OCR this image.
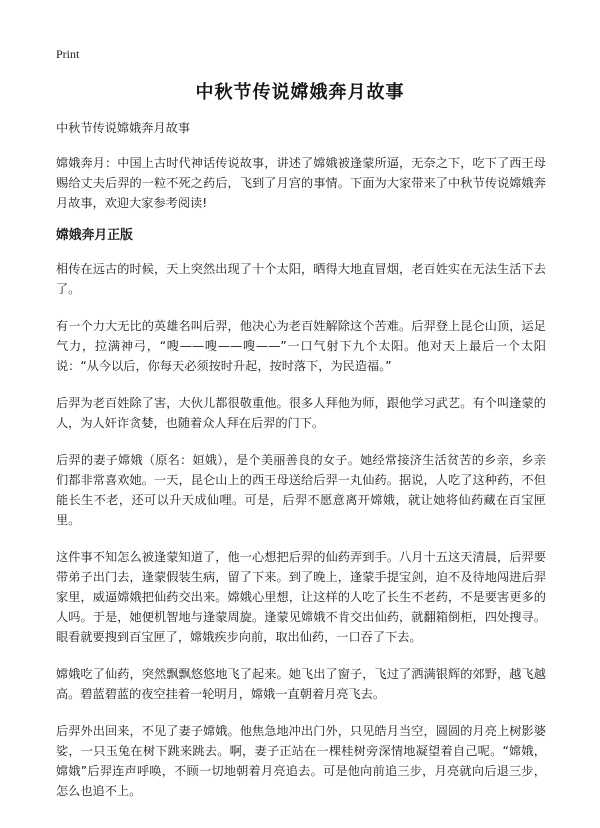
Print
中秋节传说嫦娥奔月故事

中秋节传说嫦娥奔月故事

嫦娥奔月：中国上古时代神话传说故事，讲述了嫦娥被逢蒙所逼，无奈之下，吃下了西王母赐给丈夫后羿的一粒不死之药后，飞到了月宫的事情。下面为大家带来了中秋节传说嫦娥奔月故事，欢迎大家参考阅读!

嫦娥奔月正版

相传在远古的时候，天上突然出现了十个太阳，晒得大地直冒烟，老百姓实在无法生活下去了。

有一个力大无比的英雄名叫后羿，他决心为老百姓解除这个苦难。后羿登上昆仑山顶，运足气力，拉满神弓，“嗖——嗖——嗖——”一口气射下九个太阳。他对天上最后一个太阳说：“从今以后，你每天必须按时升起，按时落下，为民造福。”

后羿为老百姓除了害，大伙儿都很敬重他。很多人拜他为师，跟他学习武艺。有个叫逢蒙的人，为人奸诈贪婪，也随着众人拜在后羿的门下。

后羿的妻子嫦娥（原名：姮娥），是个美丽善良的女子。她经常接济生活贫苦的乡亲，乡亲们都非常喜欢她。一天，昆仑山上的西王母送给后羿一丸仙药。据说，人吃了这种药，不但能长生不老，还可以升天成仙哩。可是，后羿不愿意离开嫦娥，就让她将仙药藏在百宝匣里。

这件事不知怎么被逢蒙知道了，他一心想把后羿的仙药弄到手。八月十五这天清晨，后羿要带弟子出门去，逢蒙假装生病，留了下来。到了晚上，逢蒙手提宝剑，迫不及待地闯进后羿家里，威逼嫦娥把仙药交出来。嫦娥心里想，让这样的人吃了长生不老药，不是要害更多的人吗。于是，她便机智地与逢蒙周旋。逢蒙见嫦娥不肯交出仙药，就翻箱倒柜，四处搜寻。眼看就要搜到百宝匣了，嫦娥疾步向前，取出仙药，一口吞了下去。

嫦娥吃了仙药，突然飘飘悠悠地飞了起来。她飞出了窗子，飞过了洒满银辉的郊野，越飞越高。碧蓝碧蓝的夜空挂着一轮明月，嫦娥一直朝着月亮飞去。

后羿外出回来，不见了妻子嫦娥。他焦急地冲出门外，只见皓月当空，圆圆的月亮上树影婆娑，一只玉兔在树下跳来跳去。啊，妻子正站在一棵桂树旁深情地凝望着自己呢。“嫦娥，嫦娥”后羿连声呼唤，不顾一切地朝着月亮追去。可是他向前追三步，月亮就向后退三步，怎么也追不上。
